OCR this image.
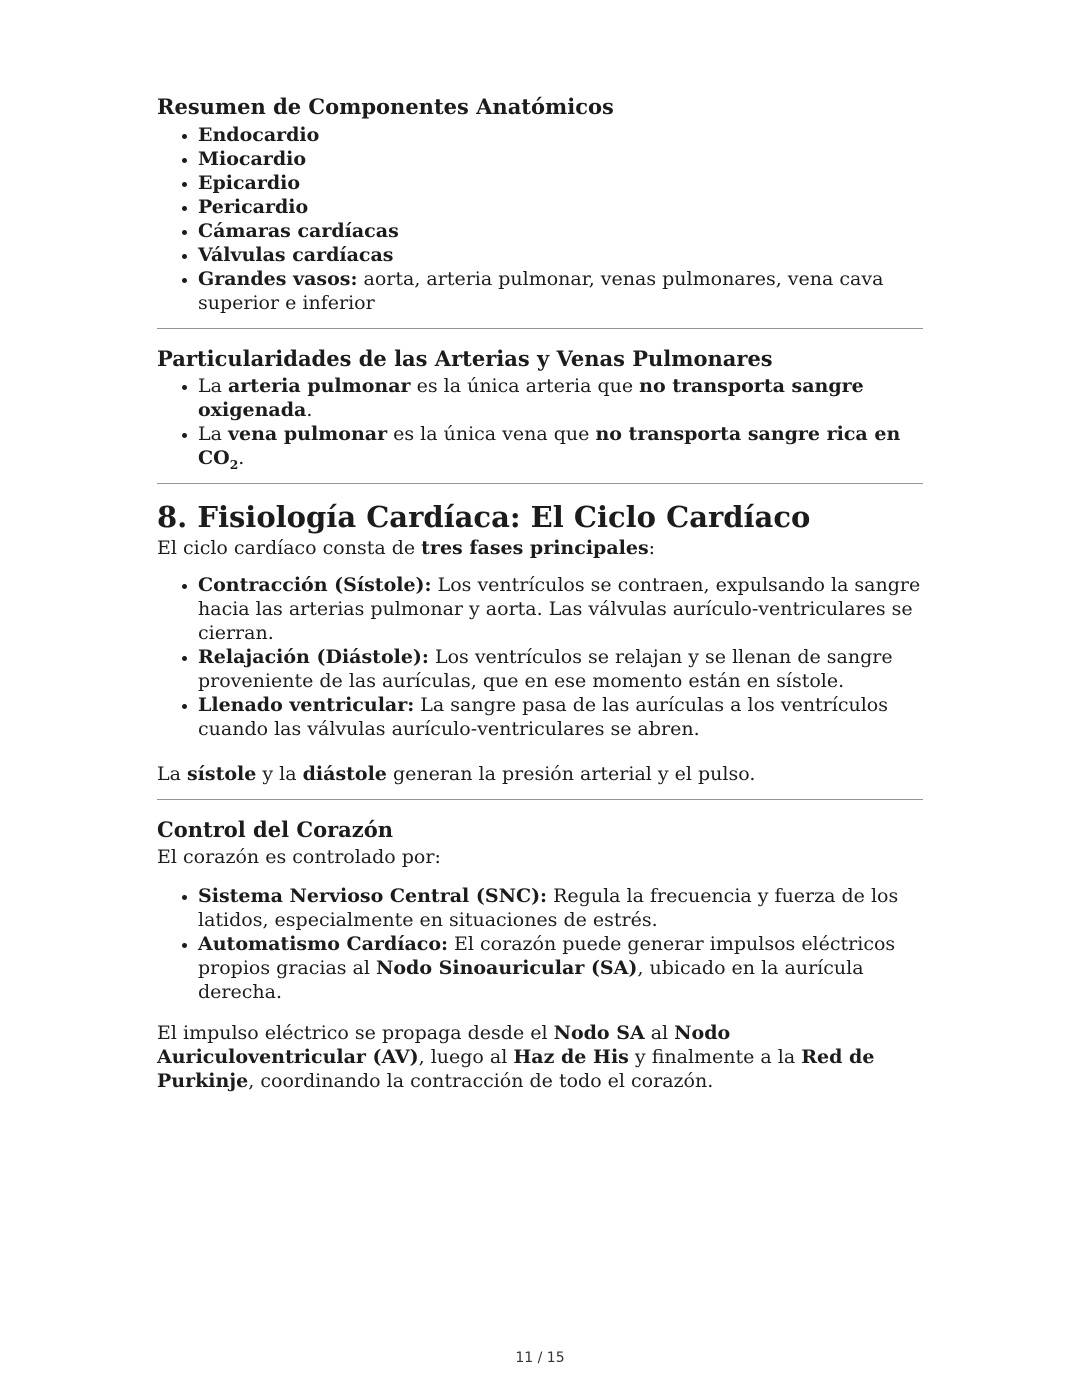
Resumen de Componentes Anatómicos
• Endocardio
• Miocardio
• Epicardio
• Pericardio
• Cámaras cardíacas
• Válvulas cardíacas
• Grandes vasos: aorta, arteria pulmonar, venas pulmonares, vena cava superior e inferior
Particularidades de las Arterias y Venas Pulmonares
• La arteria pulmonar es la única arteria que no transporta sangre oxigenada.
• La vena pulmonar es la única vena que no transporta sangre rica en $CO_2$.
8. Fisiología Cardíaca: El Ciclo Cardíaco

El ciclo cardíaco consta de tres fases principales:

• Contracción (Sístole): Los ventrículos se contraen, expulsando la sangre hacia las arterias pulmonar y aorta. Las válvulas aurículo-ventriculares se cierran.
• Relajación (Diástole): Los ventrículos se relajan y se llenan de sangre proveniente de las aurículas, que en ese momento están en sístole.
• Llenado ventricular: La sangre pasa de las aurículas a los ventrículos cuando las válvulas aurículo-ventriculares se abren.

La sístole y la diástole generan la presión arterial y el pulso.

Control del Corazón

El corazón es controlado por:

• Sistema Nervioso Central (SNC): Regula la frecuencia y fuerza de los latidos, especialmente en situaciones de estrés.
• Automatismo Cardíaco: El corazón puede generar impulsos eléctricos propios gracias al Nodo Sinoauricular (SA), ubicado en la aurícula derecha.

El impulso eléctrico se propaga desde el Nodo SA al Nodo Auriculoventricular (AV), luego al Haz de His y finalmente a la Red de Purkinje, coordinando la contracción de todo el corazón.

11 / 15
